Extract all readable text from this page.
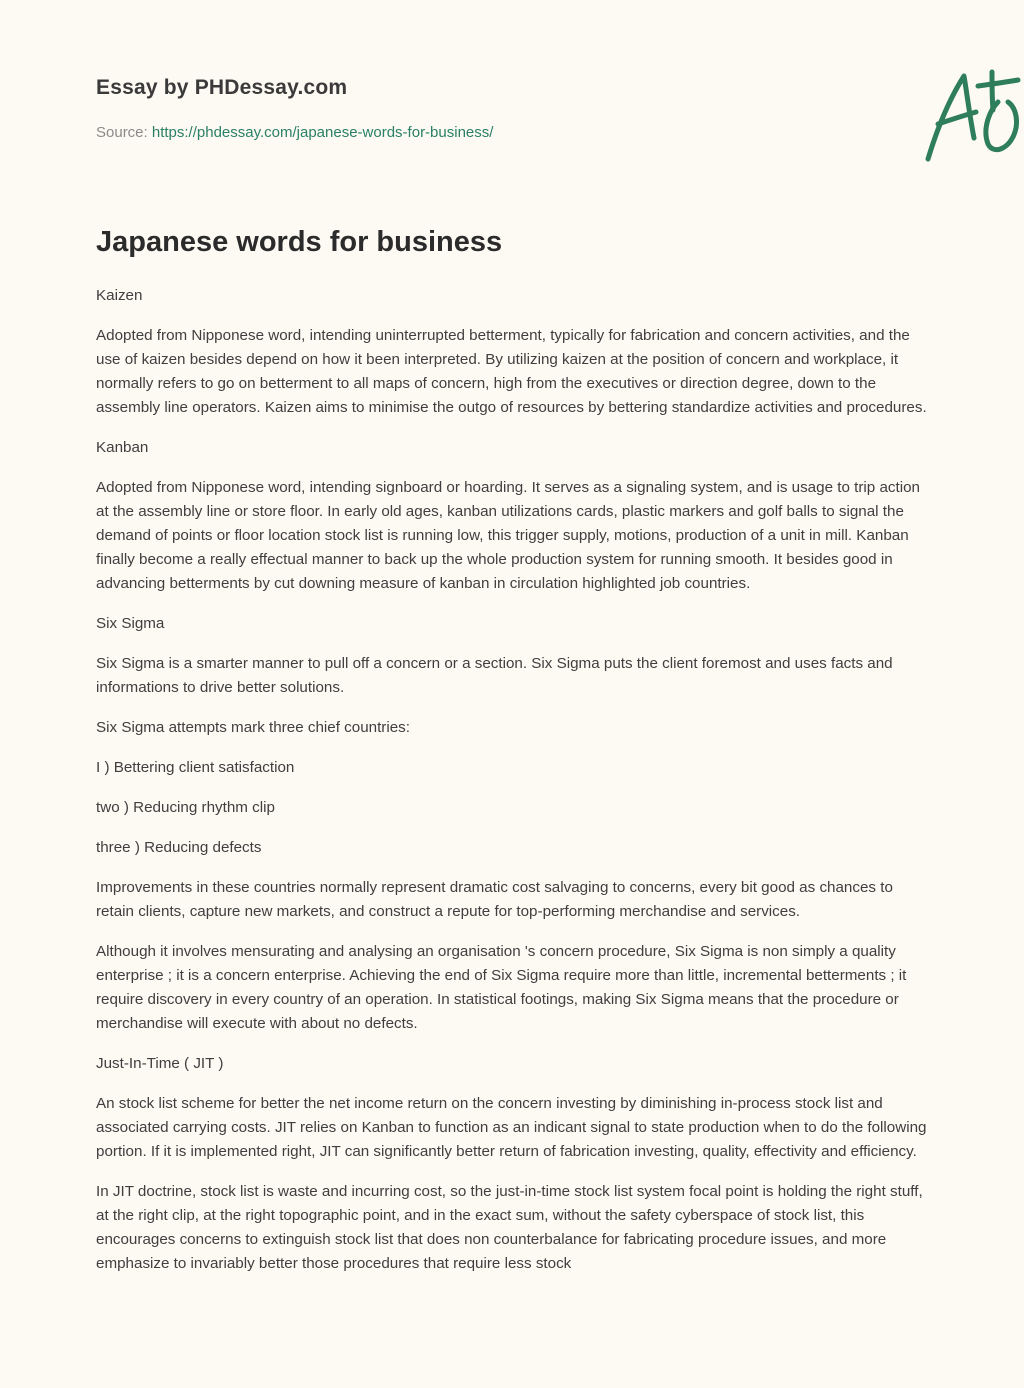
Essay by PHDessay.com
Source: https://phdessay.com/japanese-words-for-business/
Japanese words for business

Kaizen

Adopted from Nipponese word, intending uninterrupted betterment, typically for fabrication and concern activities, and the use of kaizen besides depend on how it been interpreted. By utilizing kaizen at the position of concern and workplace, it normally refers to go on betterment to all maps of concern, high from the executives or direction degree, down to the assembly line operators. Kaizen aims to minimise the outgo of resources by bettering standardize activities and procedures.

Kanban

Adopted from Nipponese word, intending signboard or hoarding. It serves as a signaling system, and is usage to trip action at the assembly line or store floor. In early old ages, kanban utilizations cards, plastic markers and golf balls to signal the demand of points or floor location stock list is running low, this trigger supply, motions, production of a unit in mill. Kanban finally become a really effectual manner to back up the whole production system for running smooth. It besides good in advancing betterments by cut downing measure of kanban in circulation highlighted job countries.

Six Sigma

Six Sigma is a smarter manner to pull off a concern or a section. Six Sigma puts the client foremost and uses facts and informations to drive better solutions.

Six Sigma attempts mark three chief countries:

I ) Bettering client satisfaction

two ) Reducing rhythm clip

three ) Reducing defects

Improvements in these countries normally represent dramatic cost salvaging to concerns, every bit good as chances to retain clients, capture new markets, and construct a repute for top-performing merchandise and services.

Although it involves mensurating and analysing an organisation 's concern procedure, Six Sigma is non simply a quality enterprise ; it is a concern enterprise. Achieving the end of Six Sigma require more than little, incremental betterments ; it require discovery in every country of an operation. In statistical footings, making Six Sigma means that the procedure or merchandise will execute with about no defects.

Just-In-Time ( JIT )

An stock list scheme for better the net income return on the concern investing by diminishing in-process stock list and associated carrying costs. JIT relies on Kanban to function as an indicant signal to state production when to do the following portion. If it is implemented right, JIT can significantly better return of fabrication investing, quality, effectivity and efficiency.

In JIT doctrine, stock list is waste and incurring cost, so the just-in-time stock list system focal point is holding the right stuff, at the right clip, at the right topographic point, and in the exact sum, without the safety cyberspace of stock list, this encourages concerns to extinguish stock list that does non counterbalance for fabricating procedure issues, and more emphasize to invariably better those procedures that require less stock
